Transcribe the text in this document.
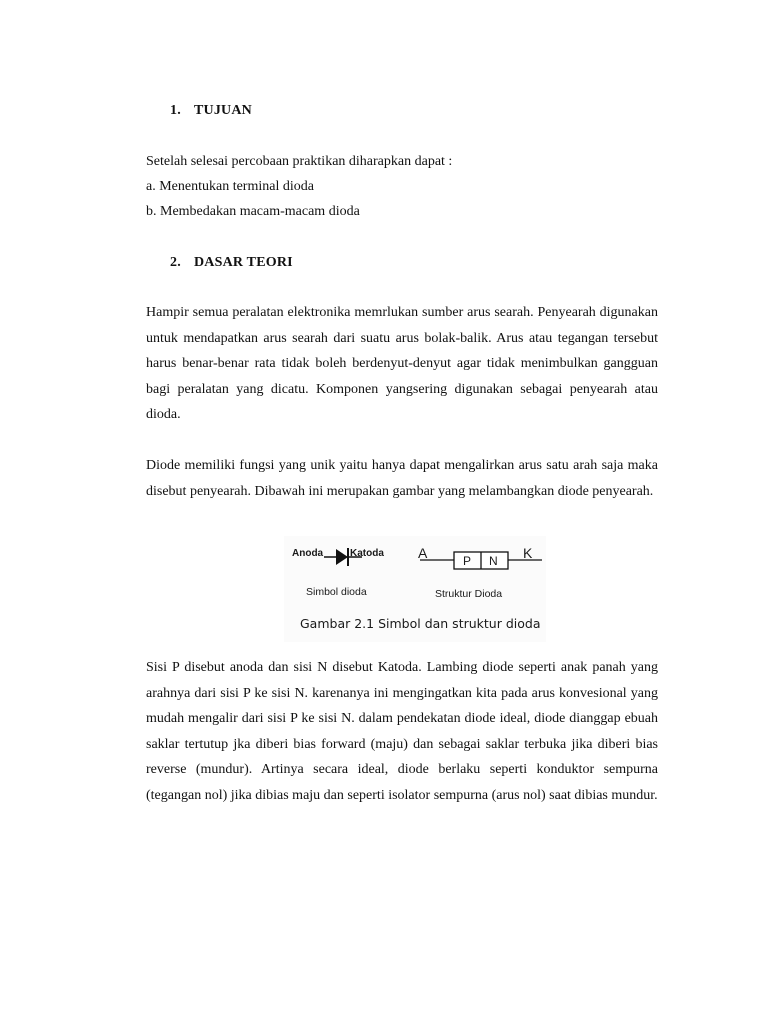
1. TUJUAN
Setelah selesai percobaan praktikan diharapkan dapat :
a. Menentukan terminal dioda
b. Membedakan macam-macam dioda
2. DASAR TEORI
Hampir semua peralatan elektronika memrlukan sumber arus searah. Penyearah digunakan untuk mendapatkan arus searah dari suatu arus bolak-balik. Arus atau tegangan tersebut harus benar-benar rata tidak boleh berdenyut-denyut agar tidak menimbulkan gangguan bagi peralatan yang dicatu. Komponen yangsering digunakan sebagai penyearah atau dioda.
Diode memiliki fungsi yang unik yaitu hanya dapat mengalirkan arus satu arah saja maka disebut penyearah. Dibawah ini merupakan gambar yang melambangkan diode penyearah.
Anoda	Katoda
Simbol dioda
A	K
P N
Struktur Dioda
Gambar 2.1 Simbol dan struktur dioda
Sisi P disebut anoda dan sisi N disebut Katoda. Lambing diode seperti anak panah yang arahnya dari sisi P ke sisi N. karenanya ini mengingatkan kita pada arus konvesional yang mudah mengalir dari sisi P ke sisi N. dalam pendekatan diode ideal, diode dianggap ebuah saklar tertutup jka diberi bias forward (maju) dan sebagai saklar terbuka jika diberi bias reverse (mundur). Artinya secara ideal, diode berlaku seperti konduktor sempurna (tegangan nol) jika dibias maju dan seperti isolator sempurna (arus nol) saat dibias mundur.
